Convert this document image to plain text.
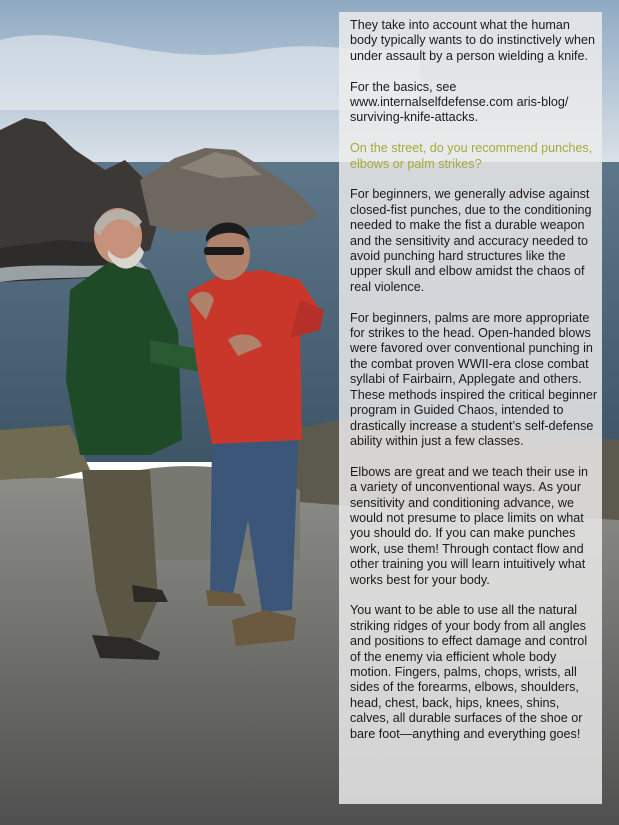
They take into account what the human body typically wants to do instinctively when under assault by a person wielding a knife.

For the basics, see www.internalselfdefense.com aris-blog/ surviving-knife-attacks.

On the street, do you recommend punches, elbows or palm strikes?

For beginners, we generally advise against closed-fist punches, due to the conditioning needed to make the fist a durable weapon and the sensitivity and accuracy needed to avoid punching hard structures like the upper skull and elbow amidst the chaos of real violence.

For beginners, palms are more appropriate for strikes to the head. Open-handed blows were favored over conventional punching in the combat proven WWII-era close combat syllabi of Fairbairn, Applegate and others. These methods inspired the critical beginner program in Guided Chaos, intended to drastically increase a student’s self-defense ability within just a few classes.

Elbows are great and we teach their use in a variety of unconventional ways. As your sensitivity and conditioning advance, we would not presume to place limits on what you should do. If you can make punches work, use them! Through contact flow and other training you will learn intuitively what works best for your body.

You want to be able to use all the natural striking ridges of your body from all angles and positions to effect damage and control of the enemy via efficient whole body motion. Fingers, palms, chops, wrists, all sides of the forearms, elbows, shoulders, head, chest, back, hips, knees, shins, calves, all durable surfaces of the shoe or bare foot—anything and everything goes!
